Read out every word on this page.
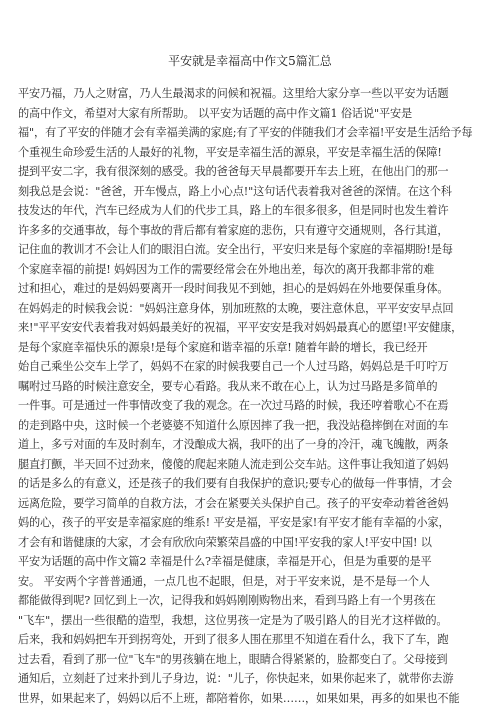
平安就是幸福高中作文5篇汇总
平安乃福，乃人之财富，乃人生最渴求的问候和祝福。这里给大家分享一些以平安为话题
的高中作文，希望对大家有所帮助。 以平安为话题的高中作文篇1 俗话说"平安是
福"，有了平安的伴随才会有幸福美满的家庭;有了平安的伴随我们才会幸福!平安是生活给予每
个重视生命珍爱生活的人最好的礼物，平安是幸福生活的源泉，平安是幸福生活的保障!
提到平安二字，我有很深刻的感受。我的爸爸每天早晨都要开车去上班，在他出门的那一
刻我总是会说："爸爸，开车慢点，路上小心点!"这句话代表着我对爸爸的深情。在这个科
技发达的年代，汽车已经成为人们的代步工具，路上的车很多很多，但是同时也发生着许
许多多的交通事故，每个事故的背后都有着家庭的悲伤，只有遵守交通规则，各行其道，
记住血的教训才不会让人们的眼泪白流。安全出行，平安归来是每个家庭的幸福期盼!是每
个家庭幸福的前提! 妈妈因为工作的需要经常会在外地出差，每次的离开我都非常的难
过和担心，难过的是妈妈要离开一段时间我见不到她，担心的是妈妈在外地要保重身体。
在妈妈走的时候我会说："妈妈注意身体，别加班熬的太晚，要注意休息，平平安安早点回
来!"平平安安代表着我对妈妈最美好的祝福，平平安安是我对妈妈最真心的愿望!平安健康，
是每个家庭幸福快乐的源泉!是每个家庭和谐幸福的乐章! 随着年龄的增长，我已经开
始自己乘坐公交车上学了，妈妈不在家的时候我要自己一个人过马路，妈妈总是千叮咛万
嘱咐过马路的时候注意安全，要专心看路。我从来不敢在心上，认为过马路是多简单的
一件事。可是通过一件事情改变了我的观念。在一次过马路的时候，我还哼着歌心不在焉
的走到路中央，这时候一个老婆婆不知道什么原因摔了我一把，我没站稳摔倒在对面的车
道上，多亏对面的车及时刹车，才没酿成大祸，我吓的出了一身的冷汗，魂飞魄散，两条
腿直打颤，半天回不过劲来，傻傻的爬起来随人流走到公交车站。这件事让我知道了妈妈
的话是多么的有意义，还是孩子的我们要有自我保护的意识;要专心的做每一件事情，才会
远离危险，要学习简单的自救方法，才会在紧要关头保护自己。孩子的平安牵动着爸爸妈
妈的心，孩子的平安是幸福家庭的维系! 平安是福，平安是家!有平安才能有幸福的小家，
才会有和谐健康的大家，才会有欣欣向荣繁荣昌盛的中国!平安我的家人!平安中国! 以
平安为话题的高中作文篇2 幸福是什么?幸福是健康，幸福是开心，但是为重要的是平
安。 平安两个字普普通通，一点几也不起眼，但是，对于平安来说，是不是每一个人
都能做得到呢? 回忆到上一次，记得我和妈妈刚刚购物出来，看到马路上有一个男孩在
"飞车"，摆出一些很酷的造型，我想，这位男孩一定是为了吸引路人的目光才这样做的。
后来，我和妈妈把车开到拐弯处，开到了很多人围在那里不知道在看什么，我下了车，跑
过去看，看到了那一位"飞车"的男孩躺在地上，眼睛合得紧紧的，脸都变白了。父母接到
通知后，立刻赶了过来扑到儿子身边，说："儿子，你快起来，如果你起来了，就带你去游
世界，如果起来了，妈妈以后不上班，都陪着你，如果……，如果如果，再多的如果也不能
